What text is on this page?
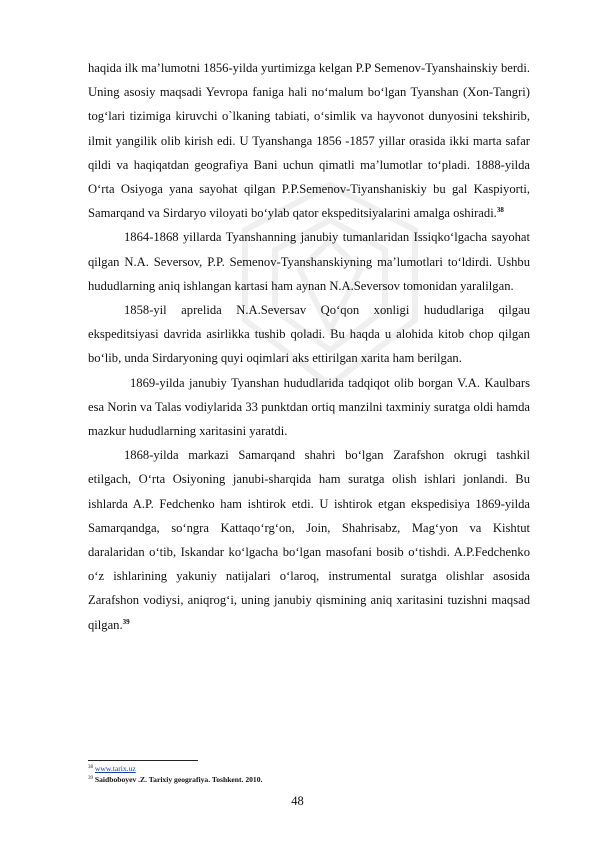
haqida ilk ma’lumotni 1856-yilda yurtimizga kelgan P.P Semenov-Tyanshainskiy berdi. Uning asosiy maqsadi Yevropa faniga hali no‘malum bo‘lgan Tyanshan (Xon-Tangri) tog‘lari tizimiga kiruvchi o`lkaning tabiati, o‘simlik va hayvonot dunyosini tekshirib, ilmit yangilik olib kirish edi. U Tyanshanga 1856 -1857 yillar orasida ikki marta safar qildi va haqiqatdan geografiya Bani uchun qimatli ma’lumotlar to‘pladi. 1888-yilda O‘rta Osiyoga yana sayohat qilgan P.P.Semenov-Tiyanshaniskiy bu gal Kaspiyorti, Samarqand va Sirdaryo viloyati bo‘ylab qator ekspeditsiyalarini amalga oshiradi.$^{38}$

1864-1868 yillarda Tyanshanning janubiy tumanlaridan Issiqko‘lgacha sayohat qilgan N.A. Seversov, P.P. Semenov-Tyanshanskiyning ma’lumotlari to‘ldirdi. Ushbu hududlarning aniq ishlangan kartasi ham aynan N.A.Seversov tomonidan yaralilgan.

1858-yil aprelida N.A.Seversav Qo‘qon xonligi hududlariga qilgau ekspeditsiyasi davrida asirlikka tushib qoladi. Bu haqda u alohida kitob chop qilgan bo‘lib, unda Sirdaryoning quyi oqimlari aks ettirilgan xarita ham berilgan.

1869-yilda janubiy Tyanshan hududlarida tadqiqot olib borgan V.A. Kaulbars esa Norin va Talas vodiylarida 33 punktdan ortiq manzilni taxminiy suratga oldi hamda mazkur hududlarning xaritasini yaratdi.

1868-yilda markazi Samarqand shahri bo‘lgan Zarafshon okrugi tashkil etilgach, O‘rta Osiyoning janubi-sharqida ham suratga olish ishlari jonlandi. Bu ishlarda A.P. Fedchenko ham ishtirok etdi. U ishtirok etgan ekspedisiya 1869-yilda Samarqandga, so‘ngra Kattaqo‘rg‘on, Join, Shahrisabz, Mag‘yon va Kishtut daralaridan o‘tib, Iskandar ko‘lgacha bo‘lgan masofani bosib o‘tishdi. A.P.Fedchenko o‘z ishlarining yakuniy natijalari o‘laroq, instrumental suratga olishlar asosida Zarafshon vodiysi, aniqrog‘i, uning janubiy qismining aniq xaritasini tuzishni maqsad qilgan.$^{39}$

$^{38}$ www.tarix.uz
$^{39}$ Saidboboyev .Z. Tarixiy geografiya. Toshkent. 2010.
48
